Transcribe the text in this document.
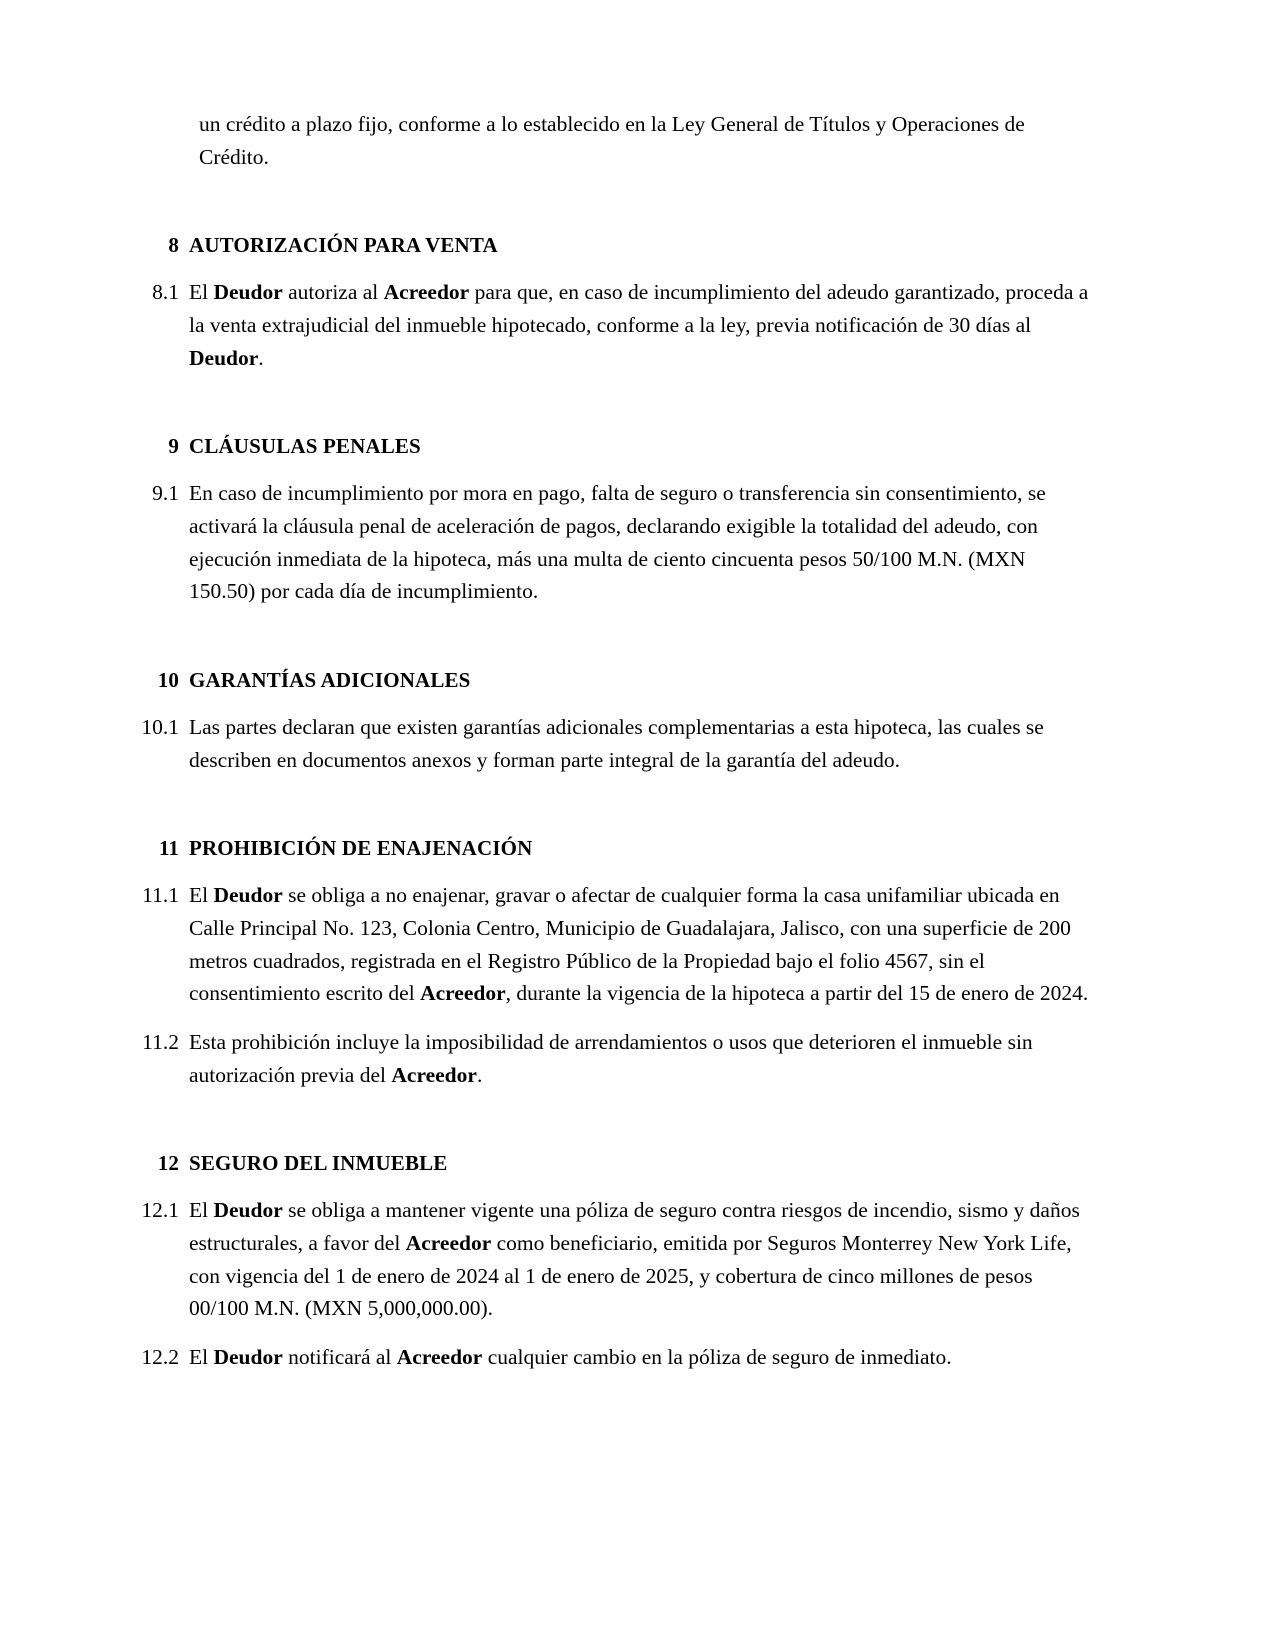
un crédito a plazo fijo, conforme a lo establecido en la Ley General de Títulos y Operaciones de Crédito.

8 AUTORIZACIÓN PARA VENTA
8.1 El Deudor autoriza al Acreedor para que, en caso de incumplimiento del adeudo garantizado, proceda a la venta extrajudicial del inmueble hipotecado, conforme a la ley, previa notificación de 30 días al Deudor.
9 CLÁUSULAS PENALES
9.1 En caso de incumplimiento por mora en pago, falta de seguro o transferencia sin consentimiento, se activará la cláusula penal de aceleración de pagos, declarando exigible la totalidad del adeudo, con ejecución inmediata de la hipoteca, más una multa de ciento cincuenta pesos 50/100 M.N. (MXN 150.50) por cada día de incumplimiento.
10 GARANTÍAS ADICIONALES
10.1 Las partes declaran que existen garantías adicionales complementarias a esta hipoteca, las cuales se describen en documentos anexos y forman parte integral de la garantía del adeudo.
11 PROHIBICIÓN DE ENAJENACIÓN
11.1 El Deudor se obliga a no enajenar, gravar o afectar de cualquier forma la casa unifamiliar ubicada en Calle Principal No. 123, Colonia Centro, Municipio de Guadalajara, Jalisco, con una superficie de 200 metros cuadrados, registrada en el Registro Público de la Propiedad bajo el folio 4567, sin el consentimiento escrito del Acreedor, durante la vigencia de la hipoteca a partir del 15 de enero de 2024.
11.2 Esta prohibición incluye la imposibilidad de arrendamientos o usos que deterioren el inmueble sin autorización previa del Acreedor.
12 SEGURO DEL INMUEBLE
12.1 El Deudor se obliga a mantener vigente una póliza de seguro contra riesgos de incendio, sismo y daños estructurales, a favor del Acreedor como beneficiario, emitida por Seguros Monterrey New York Life, con vigencia del 1 de enero de 2024 al 1 de enero de 2025, y cobertura de cinco millones de pesos 00/100 M.N. (MXN 5,000,000.00).
12.2 El Deudor notificará al Acreedor cualquier cambio en la póliza de seguro de inmediato.
